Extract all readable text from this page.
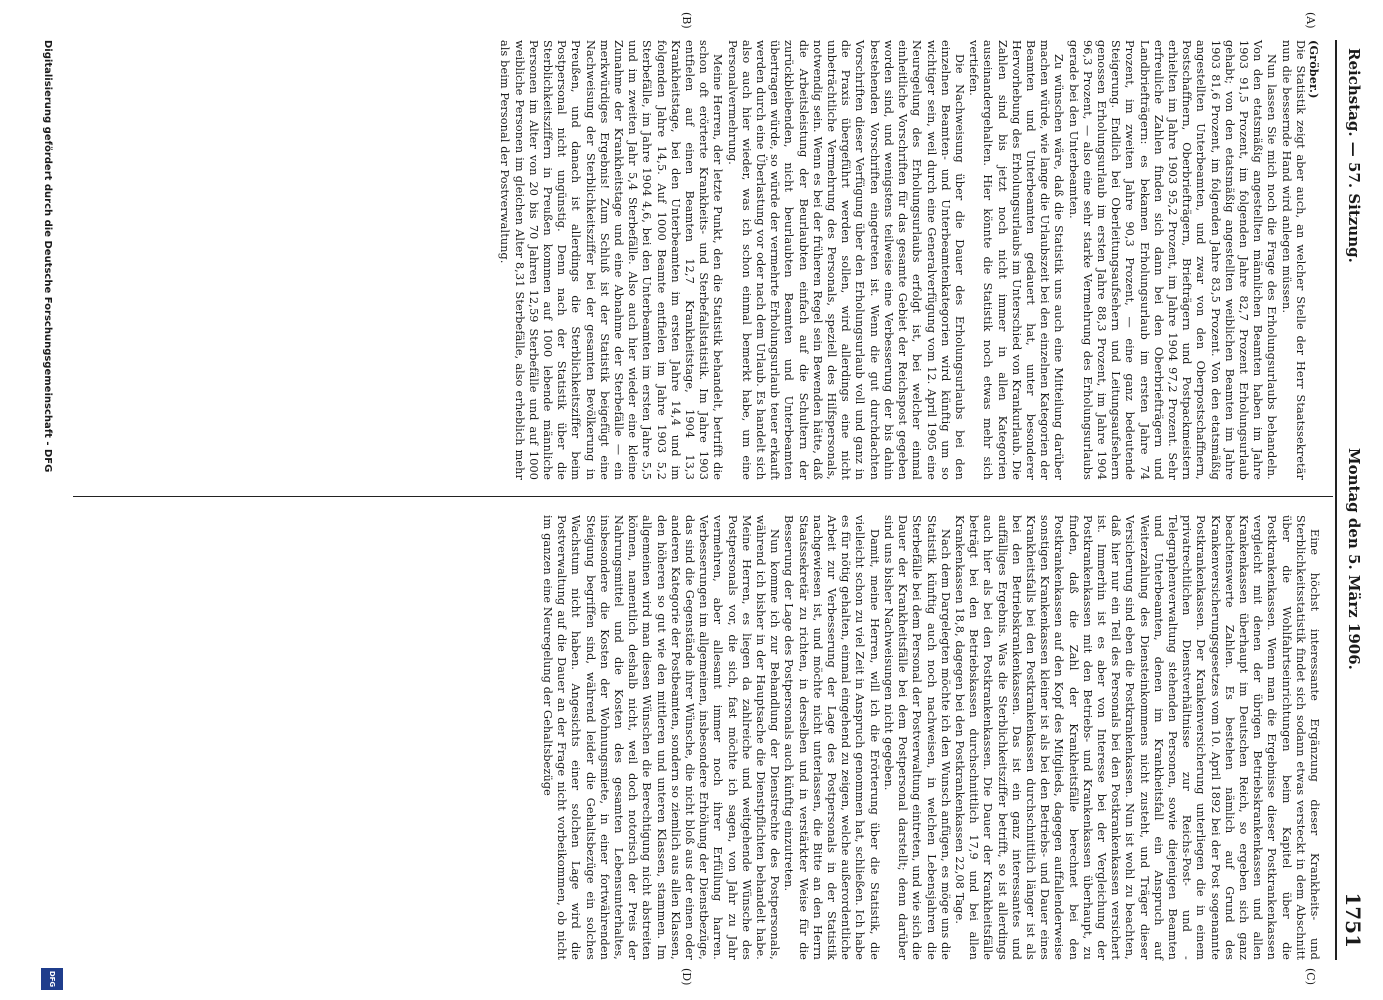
Reichstag. — 57. Sitzung.
Montag den 5. März 1906.
1751
(A)
(B)
(C)
(D)

(Gröber.)

Die Statistik zeigt aber auch, an welcher Stelle der Herr Staatssekretär nun die bessernde Hand wird anlegen müssen.

Nun lassen Sie mich noch die Frage des Erholungsurlaubs behandeln. Von den etatsmäßig angestellten männlichen Beamten haben im Jahre 1903 91,5 Prozent, im folgenden Jahre 82,7 Prozent Erholungsurlaub gehabt; von den etatsmäßig angestellten weiblichen Beamten im Jahre 1903 81,6 Prozent, im folgenden Jahre 83,5 Prozent. Von den etatsmäßig angestellten Unterbeamten, und zwar von den Oberpostschaffnern, Postschaffnern, Oberbriefträgern, Briefträgern und Postpackmeistern erhielten im Jahre 1903 95,2 Prozent, im Jahre 1904 97,2 Prozent. Sehr erfreuliche Zahlen finden sich dann bei den Oberbriefträgern und Landbriefträgern: es bekamen Erholungsurlaub im ersten Jahre 74 Prozent, im zweiten Jahre 90,3 Prozent, — eine ganz bedeutende Steigerung. Endlich bei Oberleitungsaufsehern und Leitungsaufsehern genossen Erholungsurlaub im ersten Jahre 88,3 Prozent, im Jahre 1904 96,3 Prozent, — also eine sehr starke Vermehrung des Erholungsurlaubs gerade bei den Unterbeamten.

Zu wünschen wäre, daß die Statistik uns auch eine Mitteilung darüber machen würde, wie lange die Urlaubszeit bei den einzelnen Kategorien der Beamten und Unterbeamten gedauert hat, unter besonderer Hervorhebung des Erholungsurlaubs im Unterschied von Krankurlaub. Die Zahlen sind bis jetzt noch nicht immer in allen Kategorien auseinandergehalten. Hier könnte die Statistik noch etwas mehr sich vertiefen.

Die Nachweisung über die Dauer des Erholungsurlaubs bei den einzelnen Beamten- und Unterbeamtenkategorien wird künftig um so wichtiger sein, weil durch eine Generalverfügung vom 12. April 1905 eine Neuregelung des Erholungsurlaubs erfolgt ist, bei welcher einmal einheitliche Vorschriften für das gesamte Gebiet der Reichspost gegeben worden sind, und wenigstens teilweise eine Verbesserung der bis dahin bestehenden Vorschriften eingetreten ist. Wenn die gut durchdachten Vorschriften dieser Verfügung über den Erholungsurlaub voll und ganz in die Praxis übergeführt werden sollen, wird allerdings eine nicht unbeträchtliche Vermehrung des Personals, speziell des Hilfspersonals, notwendig sein. Wenn es bei der früheren Regel sein Bewenden hätte, daß die Arbeitsleistung der Beurlaubten einfach auf die Schultern der zurückbleibenden, nicht beurlaubten Beamten und Unterbeamten übertragen würde, so würde der vermehrte Erholungsurlaub teuer erkauft werden durch eine Überlastung vor oder nach dem Urlaub. Es handelt sich also auch hier wieder, was ich schon einmal bemerkt habe, um eine Personalvermehrung.

Meine Herren, der letzte Punkt, den die Statistik behandelt, betrifft die schon oft erörterte Krankheits- und Sterbefallstatistik. Im Jahre 1903 entfielen auf einen Beamten 12,7 Krankheitstage, 1904 13,3 Krankheitstage, bei den Unterbeamten im ersten Jahre 14,4 und im folgenden Jahre 14,5. Auf 1000 Beamte entfielen im Jahre 1903 5,2 Sterbefälle, im Jahre 1904 4,6, bei den Unterbeamten im ersten Jahre 5,5 und im zweiten Jahr 5,4 Sterbefälle. Also auch hier wieder eine kleine Zunahme der Krankheitstage und eine Abnahme der Sterbefälle — ein merkwürdiges Ergebnis! Zum Schluß ist der Statistik beigefügt eine Nachweisung der Sterblichkeitsziffer bei der gesamten Bevölkerung in Preußen, und danach ist allerdings die Sterblichkeitsziffer beim Postpersonal nicht ungünstig. Denn nach der Statistik über die Sterblichkeitsziffern in Preußen kommen auf 1000 lebende männliche Personen im Alter von 20 bis 70 Jahren 12,59 Sterbefälle und auf 1000 weibliche Personen im gleichen Alter 8,31 Sterbefälle, also erheblich mehr als beim Personal der Postverwaltung.

Eine höchst interessante Ergänzung dieser Krankheits- und Sterblichkeitsstatistik findet sich sodann etwas versteckt in dem Abschnitt über die Wohlfahrtseinrichtungen beim Kapitel über die Postkrankenkassen. Wenn man die Ergebnisse dieser Postkrankenkassen vergleicht mit denen der übrigen Betriebskrankenkassen und allen Krankenkassen überhaupt im Deutschen Reich, so ergeben sich ganz beachtenswerte Zahlen. Es bestehen nämlich auf Grund des Krankenversicherungsgesetzes vom 10. April 1892 bei der Post sogenannte Postkrankenkassen. Der Krankenversicherung unterliegen die in einem privatrechtlichen Dienstverhältnisse zur Reichs-Post- und -Telegraphenverwaltung stehenden Personen, sowie diejenigen Beamten und Unterbeamten, denen im Krankheitsfall ein Anspruch auf Weiterzahlung des Diensteinkommens nicht zusteht, und Träger dieser Versicherung sind eben die Postkrankenkassen. Nun ist wohl zu beachten, daß hier nur ein Teil des Personals bei den Postkrankenkassen versichert ist. Immerhin ist es aber von Interesse bei der Vergleichung der Postkrankenkassen mit den Betriebs- und Krankenkassen überhaupt, zu finden, daß die Zahl der Krankheitsfälle berechnet bei den Postkrankenkassen auf den Kopf des Mitglieds, dagegen auffallenderweise sonstigen Krankenkassen kleiner ist als bei den Betriebs- und Dauer eines Krankheitsfalls bei den Postkrankenkassen durchschnittlich länger ist als bei den Betriebskrankenkassen. Das ist ein ganz interessantes und auffälliges Ergebnis. Was die Sterblichkeitsziffer betrifft, so ist allerdings auch hier als bei den Postkrankenkassen. Die Dauer der Krankheitsfälle beträgt bei den Betriebskassen durchschnittlich 17,9 und bei allen Krankenkassen 18,8, dagegen bei den Postkrankenkassen 22,08 Tage.

Nach dem Dargelegten möchte ich den Wunsch anfügen, es möge uns die Statistik künftig auch noch nachweisen, in welchen Lebensjahren die Sterbefälle bei dem Personal der Postverwaltung eintreten, und wie sich die Dauer der Krankheitsfälle bei dem Postpersonal darstellt; denn darüber sind uns bisher Nachweisungen nicht gegeben.

Damit, meine Herren, will ich die Erörterung über die Statistik, die vielleicht schon zu viel Zeit in Anspruch genommen hat, schließen. Ich habe es für nötig gehalten, einmal eingehend zu zeigen, welche außerordentliche Arbeit zur Verbesserung der Lage des Postpersonals in der Statistik nachgewiesen ist, und möchte nicht unterlassen, die Bitte an den Herrn Staatssekretär zu richten, in derselben und in verstärkter Weise für die Besserung der Lage des Postpersonals auch künftig einzutreten.

Nun komme ich zur Behandlung der Dienstrechte des Postpersonals, während ich bisher in der Hauptsache die Dienstpflichten behandelt habe. Meine Herren, es liegen da zahlreiche und weitgehende Wünsche des Postpersonals vor, die sich, fast möchte ich sagen, von Jahr zu Jahr vermehren, aber allesamt immer noch ihrer Erfüllung harren. Verbesserungen im allgemeinen, insbesondere Erhöhung der Dienstbezüge, das sind die Gegenstände ihrer Wünsche, die nicht bloß aus der einen oder anderen Kategorie der Postbeamten, sondern so ziemlich aus allen Klassen, den höheren so gut wie den mittleren und unteren Klassen, stammen. Im allgemeinen wird man diesen Wünschen die Berechtigung nicht abstreiten können, namentlich deshalb nicht, weil doch notorisch der Preis der Nahrungsmittel und die Kosten des gesamten Lebensunterhaltes, insbesondere die Kosten der Wohnungsmiete, in einer fortwährenden Steigung begriffen sind, während leider die Gehaltsbezüge ein solches Wachstum nicht haben. Angesichts einer solchen Lage wird die Postverwaltung auf die Dauer an der Frage nicht vorbeikommen, ob nicht im ganzen eine Neuregelung der Gehaltsbezüge

Digitalisierung gefördert durch die Deutsche Forschungsgemeinschaft - DFG
DFG
